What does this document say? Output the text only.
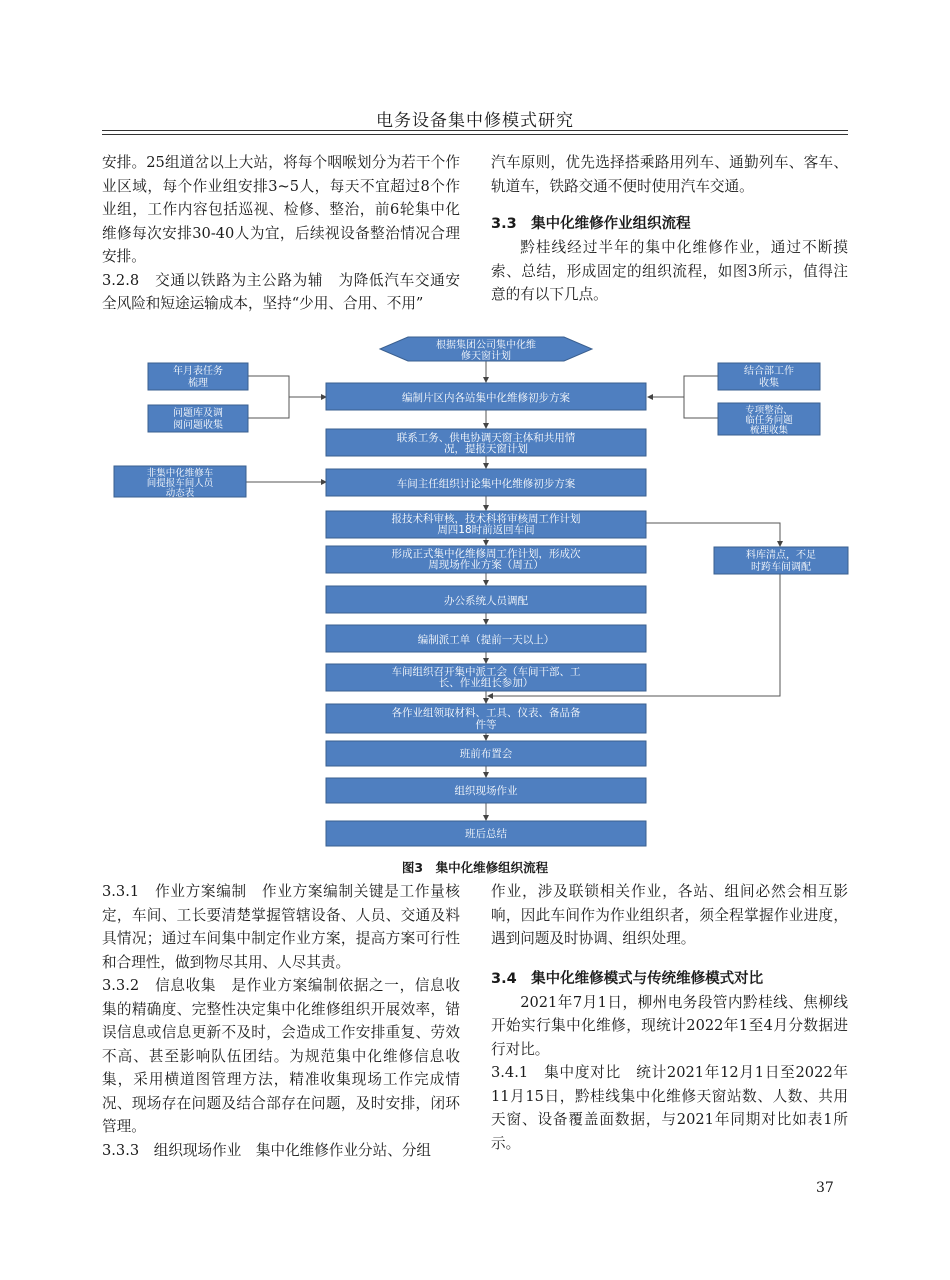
电务设备集中修模式研究

安排。25组道岔以上大站，将每个咽喉划分为若干个作业区域，每个作业组安排3~5人，每天不宜超过8个作业组，工作内容包括巡视、检修、整治，前6轮集中化维修每次安排30-40人为宜，后续视设备整治情况合理安排。

3.2.8　交通以铁路为主公路为辅　为降低汽车交通安全风险和短途运输成本，坚持“少用、合用、不用”

汽车原则，优先选择搭乘路用列车、通勤列车、客车、轨道车，铁路交通不便时使用汽车交通。

3.3　集中化维修作业组织流程

黔桂线经过半年的集中化维修作业，通过不断摸索、总结，形成固定的组织流程，如图3所示，值得注意的有以下几点。

根据集团公司集中化维
修天窗计划
编制片区内各站集中化维修初步方案
联系工务、供电协调天窗主体和共用情
况，提报天窗计划
车间主任组织讨论集中化维修初步方案
报技术科审核，技术科将审核周工作计划
周四18时前返回车间
形成正式集中化维修周工作计划，形成次
周现场作业方案（周五）
办公系统人员调配
编制派工单（提前一天以上）
车间组织召开集中派工会（车间干部、工
长、作业组长参加）
各作业组领取材料、工具、仪表、备品备
件等
班前布置会
组织现场作业
班后总结
年月表任务
梳理
问题库及调
阅问题收集
非集中化维修车
间提报车间人员
动态表
结合部工作
收集
专项整治、
临任务问题
梳理收集
料库清点，不足
时跨车间调配
图3　集中化维修组织流程

3.3.1　作业方案编制　作业方案编制关键是工作量核定，车间、工长要清楚掌握管辖设备、人员、交通及料具情况；通过车间集中制定作业方案，提高方案可行性和合理性，做到物尽其用、人尽其责。

3.3.2　信息收集　是作业方案编制依据之一，信息收集的精确度、完整性决定集中化维修组织开展效率，错误信息或信息更新不及时，会造成工作安排重复、劳效不高、甚至影响队伍团结。为规范集中化维修信息收集，采用横道图管理方法，精准收集现场工作完成情况、现场存在问题及结合部存在问题，及时安排，闭环管理。

3.3.3　组织现场作业　集中化维修作业分站、分组

作业，涉及联锁相关作业，各站、组间必然会相互影响，因此车间作为作业组织者，须全程掌握作业进度，遇到问题及时协调、组织处理。

3.4　集中化维修模式与传统维修模式对比

2021年7月1日，柳州电务段管内黔桂线、焦柳线开始实行集中化维修，现统计2022年1至4月分数据进行对比。

3.4.1　集中度对比　统计2021年12月1日至2022年11月15日，黔桂线集中化维修天窗站数、人数、共用天窗、设备覆盖面数据，与2021年同期对比如表1所示。

37
